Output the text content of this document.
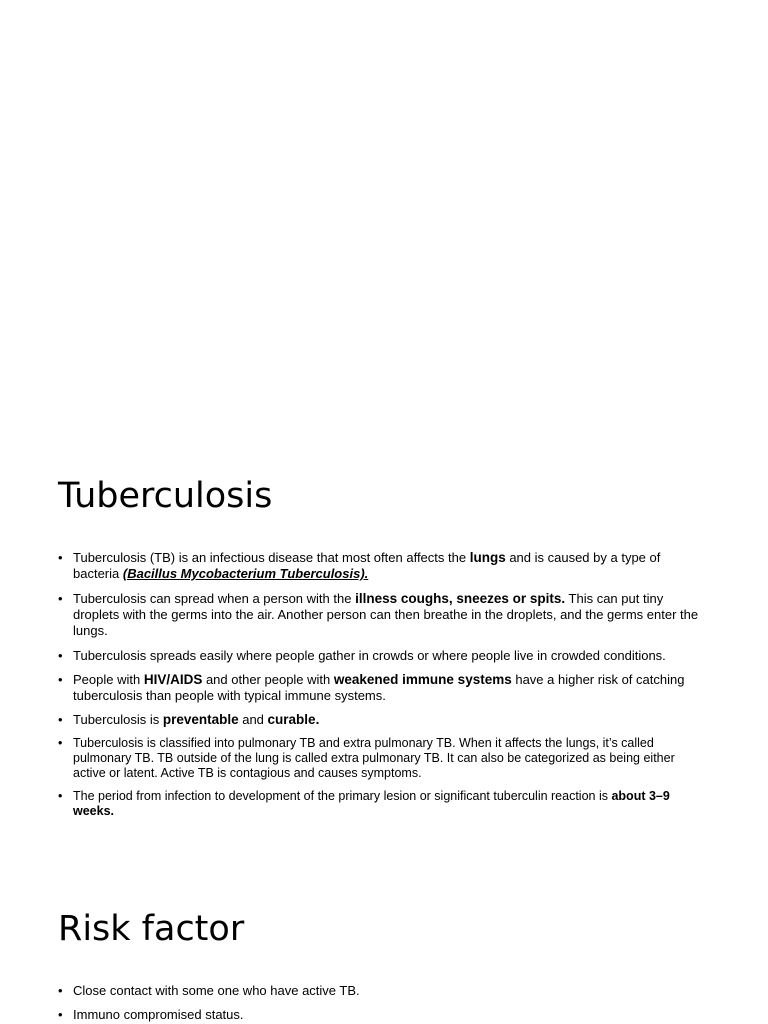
Tuberculosis
• Tuberculosis (TB) is an infectious disease that most often affects the lungs and is caused by a type of bacteria (Bacillus Mycobacterium Tuberculosis).
• Tuberculosis can spread when a person with the illness coughs, sneezes or spits. This can put tiny droplets with the germs into the air. Another person can then breathe in the droplets, and the germs enter the lungs.
• Tuberculosis spreads easily where people gather in crowds or where people live in crowded conditions.
• People with HIV/AIDS and other people with weakened immune systems have a higher risk of catching tuberculosis than people with typical immune systems.
• Tuberculosis is preventable and curable.
• Tuberculosis is classified into pulmonary TB and extra pulmonary TB. When it affects the lungs, it’s called pulmonary TB. TB outside of the lung is called extra pulmonary TB. It can also be categorized as being either active or latent. Active TB is contagious and causes symptoms.
• The period from infection to development of the primary lesion or significant tuberculin reaction is about 3–9 weeks.
Risk factor
• Close contact with some one who have active TB.
• Immuno compromised status.
